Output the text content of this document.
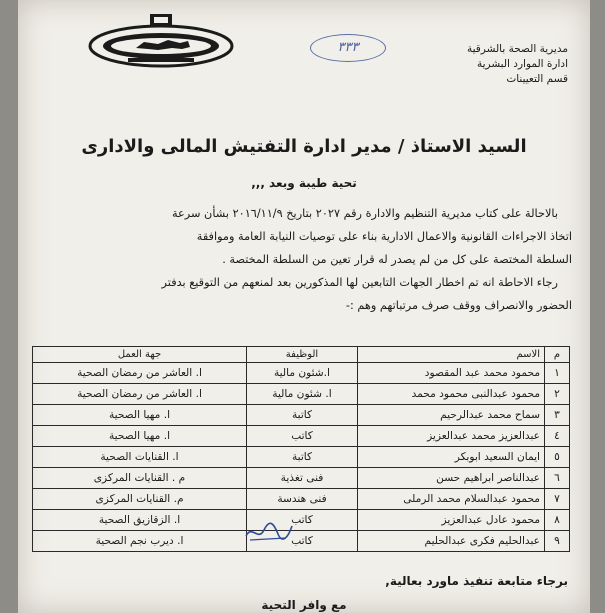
٣٣٣	مديرية الصحة بالشرقية
ادارة الموارد البشرية
قسم التعيينات
السيد الاستاذ / مدير ادارة التفتيش المالى والادارى
تحية طيبة وبعد ,,,

بالاحالة على كتاب مديرية التنظيم والادارة رقم ٢٠٢٧ بتاريخ ٢٠١٦/١١/٩ بشأن سرعة

اتخاذ الاجراءات القانونية والاعمال الادارية بناء على توصيات النيابة العامة وموافقة

السلطة المختصة على كل من لم يصدر له قرار تعين من السلطة المختصة .

رجاء الاحاطة انه تم اخطار الجهات التابعين لها المذكورين بعد لمنعهم من التوقيع بدفتر

الحضور والانصراف ووقف صرف مرتباتهم وهم :-

م	الاسم	الوظيفة	جهة العمل
١	محمود محمد عبد المقصود	ا.شئون مالية	ا. العاشر من رمضان الصحية
٢	محمود عبدالنبى محمود محمد	ا. شئون مالية	ا. العاشر من رمضان الصحية
٣	سماح محمد عبدالرحيم	كاتبة	ا. مهيا الصحية
٤	عبدالعزيز محمد عبدالعزيز	كاتب	ا. مهيا الصحية
٥	ايمان السعيد ابوبكر	كاتبة	ا. القنايات الصحية
٦	عبدالناصر ابراهيم حسن	فنى تغذية	م . القنايات المركزى
٧	محمود عبدالسلام محمد الرملى	فنى هندسة	م. القنايات المركزى
٨	محمود عادل عبدالعزيز	كاتب	ا. الزقازيق الصحية
٩	عبدالحليم فكرى عبدالحليم	كاتب	ا. ديرب نجم الصحية
برجاء متابعة تنفيذ ماورد بعالية,
مع وافر التحية
